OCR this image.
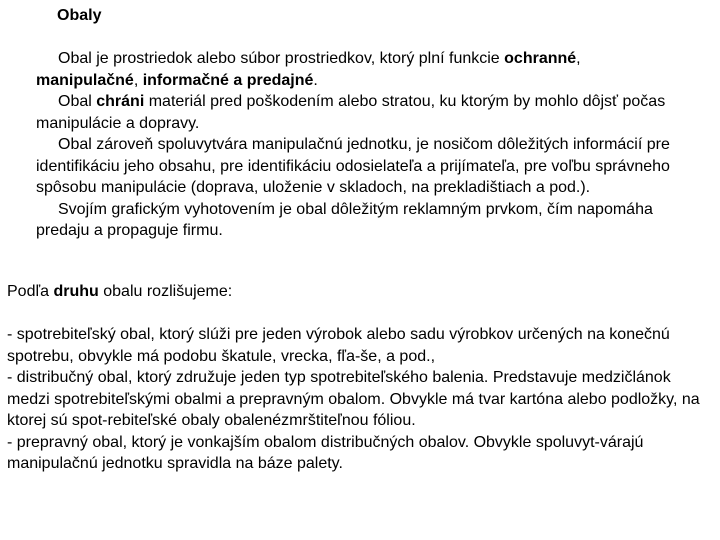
Obaly

Obal je prostriedok alebo súbor prostriedkov, ktorý plní funkcie ochranné, manipulačné, informačné a predajné.

Obal chráni materiál pred poškodením alebo stratou, ku ktorým by mohlo dôjsť počas manipulácie a dopravy.

Obal zároveň spoluvytvára manipulačnú jednotku, je nosičom dôležitých informácií pre identifikáciu jeho obsahu, pre identifikáciu odosielateľa a prijímateľa, pre voľbu správneho spôsobu manipulácie (doprava, uloženie v skladoch, na prekladištiach a pod.).

Svojím grafickým vyhotovením je obal dôležitým reklamným prvkom, čím napomáha predaju a propaguje firmu.

Podľa druhu obalu rozlišujeme:

- spotrebiteľský obal, ktorý slúži pre jeden výrobok alebo sadu výrobkov určených na konečnú spotrebu, obvykle má podobu škatule, vrecka, fľa-še, a pod.,

- distribučný obal, ktorý združuje jeden typ spotrebiteľského balenia. Predstavuje medzičlánok medzi spotrebiteľskými obalmi a prepravným obalom. Obvykle má tvar kartóna alebo podložky, na ktorej sú spot-rebiteľské obaly obalenézmrštiteľnou fóliou.

- prepravný obal, ktorý je vonkajším obalom distribučných obalov. Obvykle spoluvyt-várajú manipulačnú jednotku spravidla na báze palety.
